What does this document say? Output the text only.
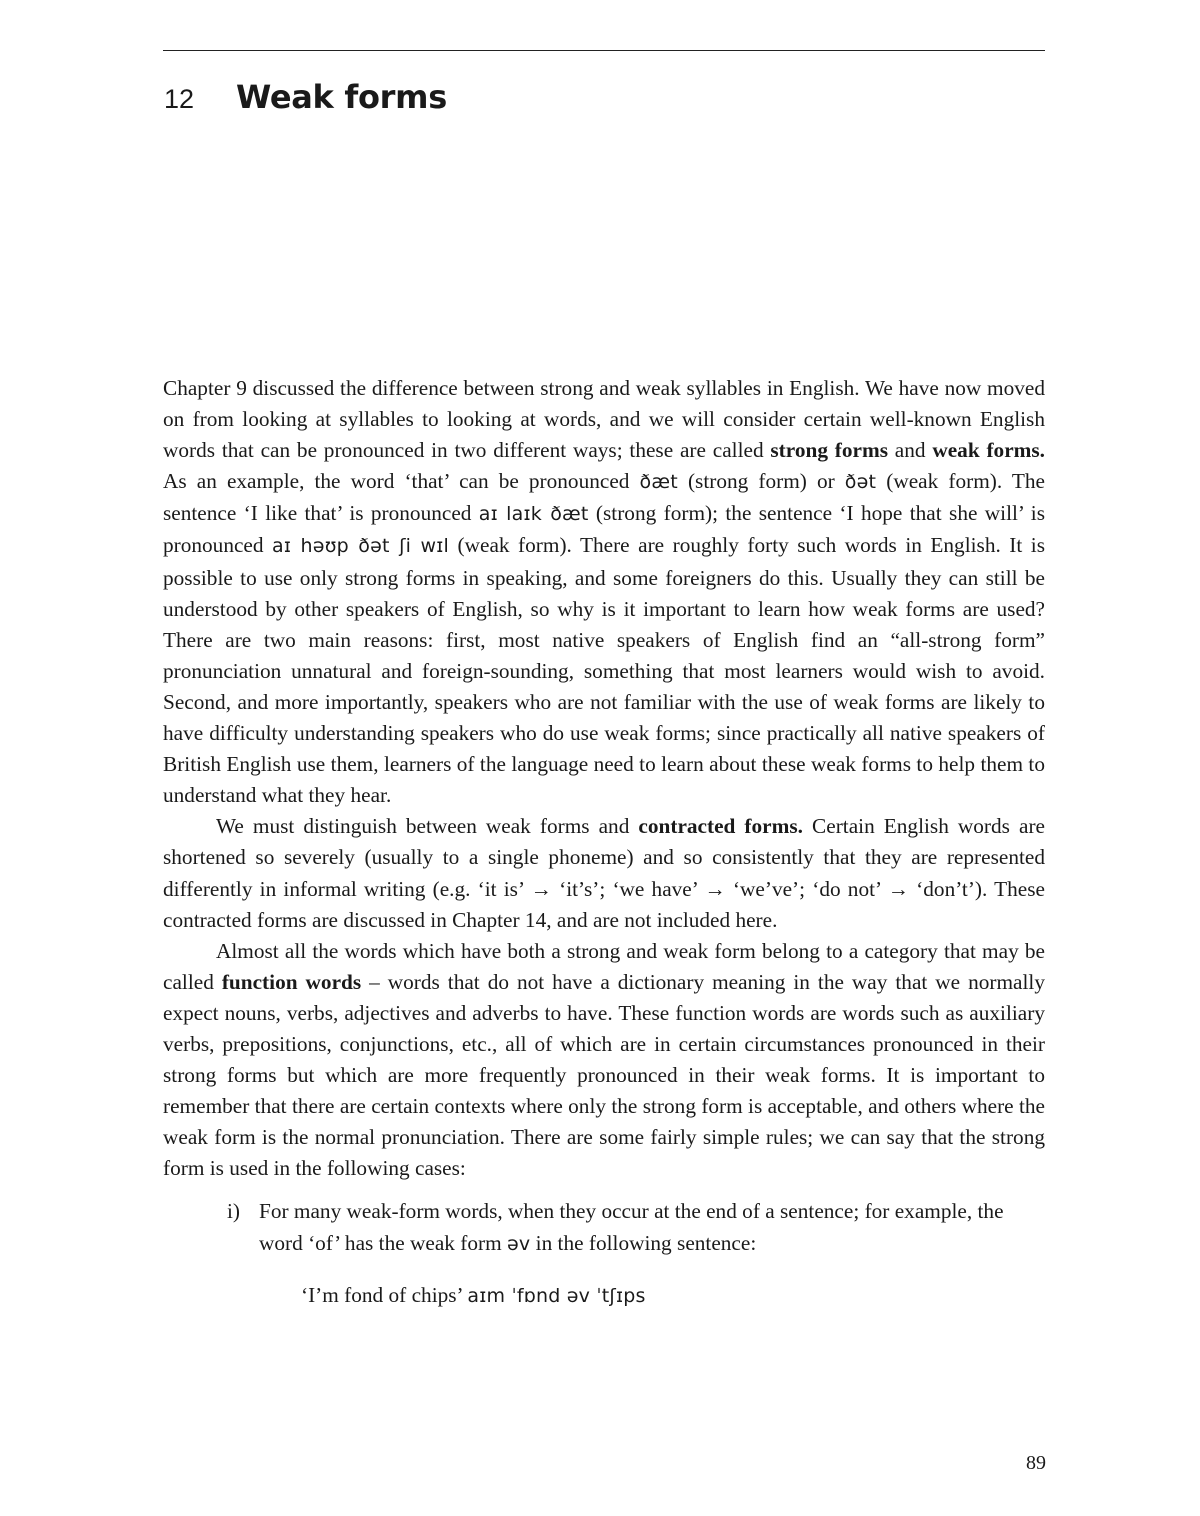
12	Weak forms

Chapter 9 discussed the difference between strong and weak syllables in English. We have now moved on from looking at syllables to looking at words, and we will consider certain well-known English words that can be pronounced in two different ways; these are called strong forms and weak forms. As an example, the word ‘that’ can be pronounced ðæt (strong form) or ðət (weak form). The sentence ‘I like that’ is pronounced aɪ laɪk ðæt (strong form); the sentence ‘I hope that she will’ is pronounced aɪ həʊp ðət ʃi wɪl (weak form). There are roughly forty such words in English. It is possible to use only strong forms in speaking, and some foreigners do this. Usually they can still be understood by other speakers of English, so why is it important to learn how weak forms are used? There are two main reasons: first, most native speakers of English find an “all-strong form” pronunciation unnatural and foreign-sounding, something that most learners would wish to avoid. Second, and more importantly, speakers who are not familiar with the use of weak forms are likely to have difficulty understanding speakers who do use weak forms; since practically all native speakers of British English use them, learners of the language need to learn about these weak forms to help them to understand what they hear.

We must distinguish between weak forms and contracted forms. Certain English words are shortened so severely (usually to a single phoneme) and so consistently that they are represented differently in informal writing (e.g. ‘it is’ → ‘it’s’; ‘we have’ → ‘we’ve’; ‘do not’ → ‘don’t’). These contracted forms are discussed in Chapter 14, and are not included here.

Almost all the words which have both a strong and weak form belong to a category that may be called function words – words that do not have a dictionary meaning in the way that we normally expect nouns, verbs, adjectives and adverbs to have. These function words are words such as auxiliary verbs, prepositions, conjunctions, etc., all of which are in certain circumstances pronounced in their strong forms but which are more frequently pronounced in their weak forms. It is important to remember that there are certain contexts where only the strong form is acceptable, and others where the weak form is the normal pronunciation. There are some fairly simple rules; we can say that the strong form is used in the following cases:

i) For many weak-form words, when they occur at the end of a sentence; for example, the word ‘of’ has the weak form əv in the following sentence:
‘I’m fond of chips’ aɪm ˈfɒnd əv ˈtʃɪps
89
